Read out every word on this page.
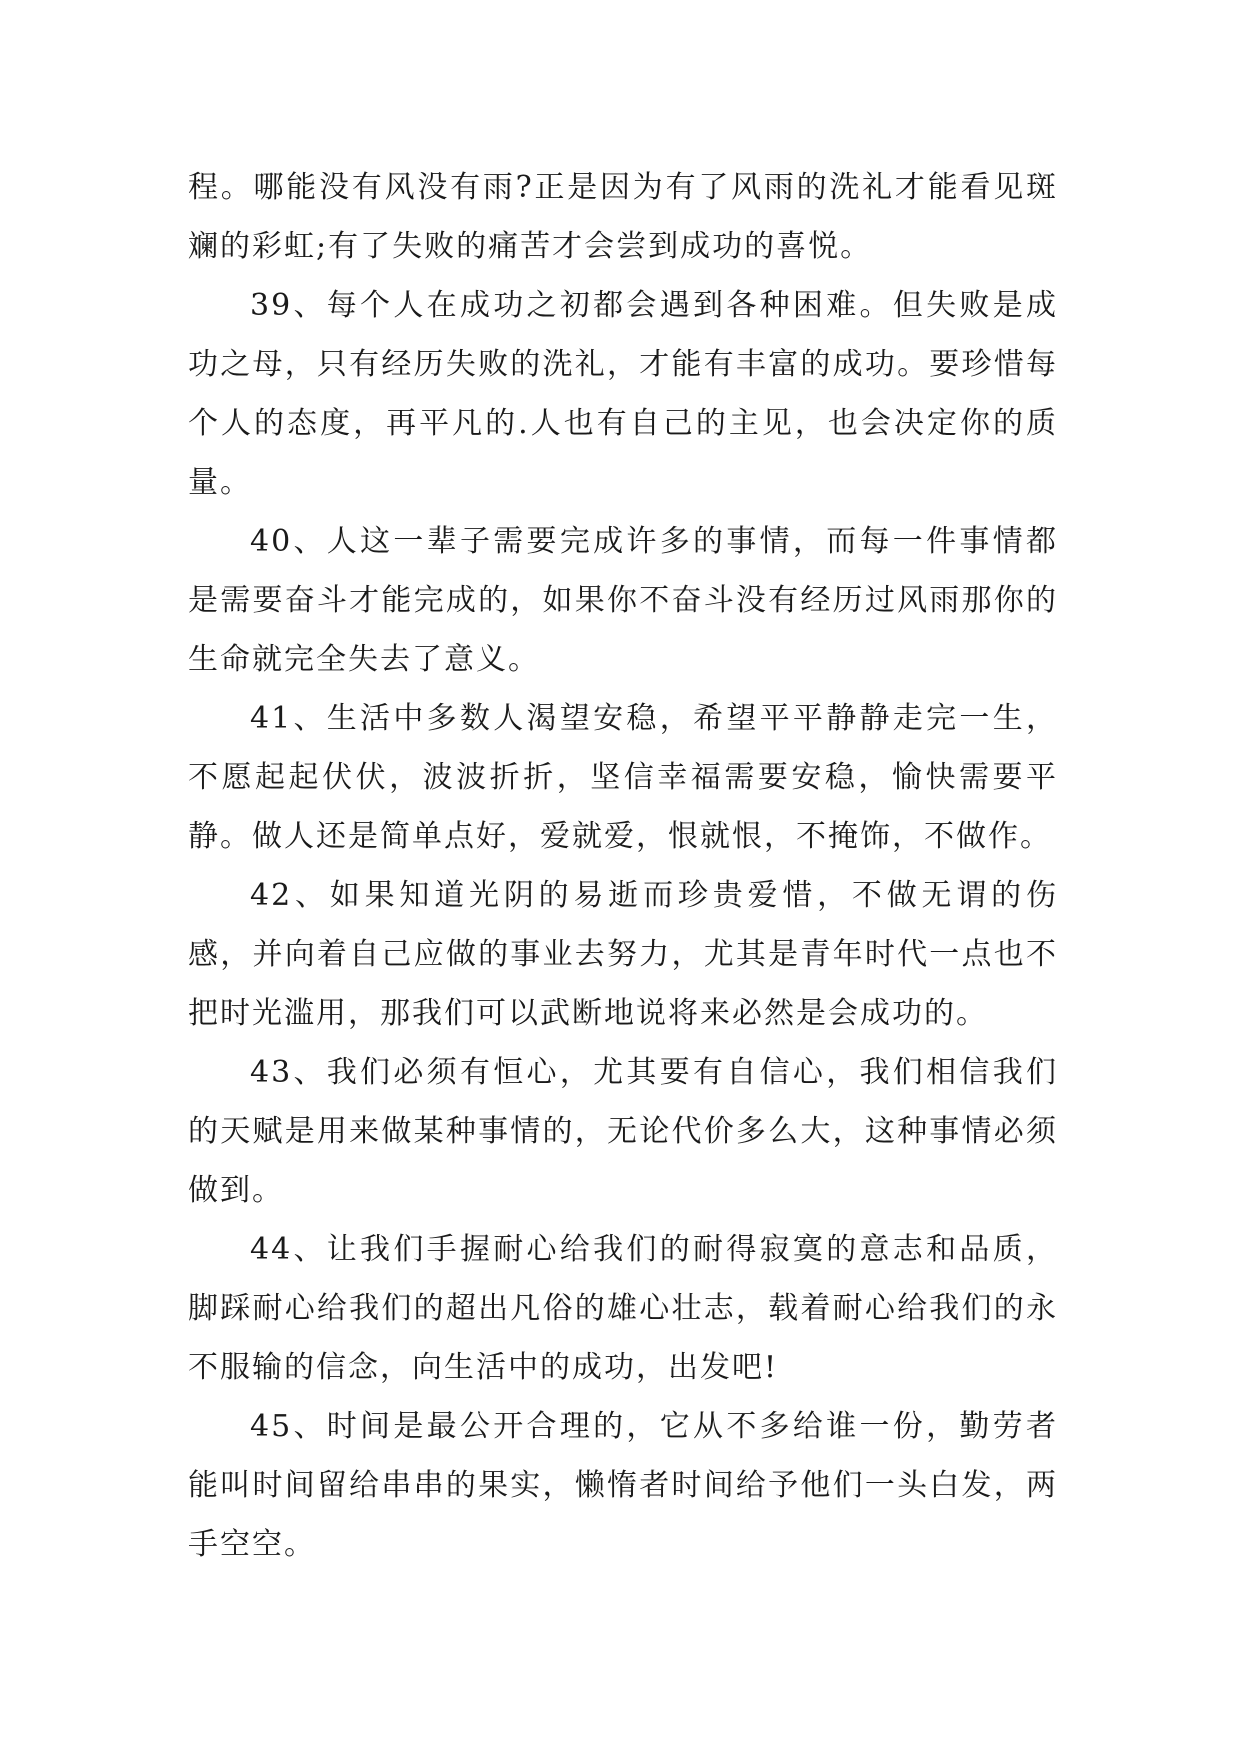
程。哪能没有风没有雨?正是因为有了风雨的洗礼才能看见斑斓的彩虹;有了失败的痛苦才会尝到成功的喜悦。

39、每个人在成功之初都会遇到各种困难。但失败是成功之母，只有经历失败的洗礼，才能有丰富的成功。要珍惜每个人的态度，再平凡的.人也有自己的主见，也会决定你的质量。

40、人这一辈子需要完成许多的事情，而每一件事情都是需要奋斗才能完成的，如果你不奋斗没有经历过风雨那你的生命就完全失去了意义。

41、生活中多数人渴望安稳，希望平平静静走完一生，不愿起起伏伏，波波折折，坚信幸福需要安稳，愉快需要平静。做人还是简单点好，爱就爱，恨就恨，不掩饰，不做作。

42、如果知道光阴的易逝而珍贵爱惜，不做无谓的伤感，并向着自己应做的事业去努力，尤其是青年时代一点也不把时光滥用，那我们可以武断地说将来必然是会成功的。

43、我们必须有恒心，尤其要有自信心，我们相信我们的天赋是用来做某种事情的，无论代价多么大，这种事情必须做到。

44、让我们手握耐心给我们的耐得寂寞的意志和品质，脚踩耐心给我们的超出凡俗的雄心壮志，载着耐心给我们的永不服输的信念，向生活中的成功，出发吧!

45、时间是最公开合理的，它从不多给谁一份，勤劳者能叫时间留给串串的果实，懒惰者时间给予他们一头白发，两手空空。
